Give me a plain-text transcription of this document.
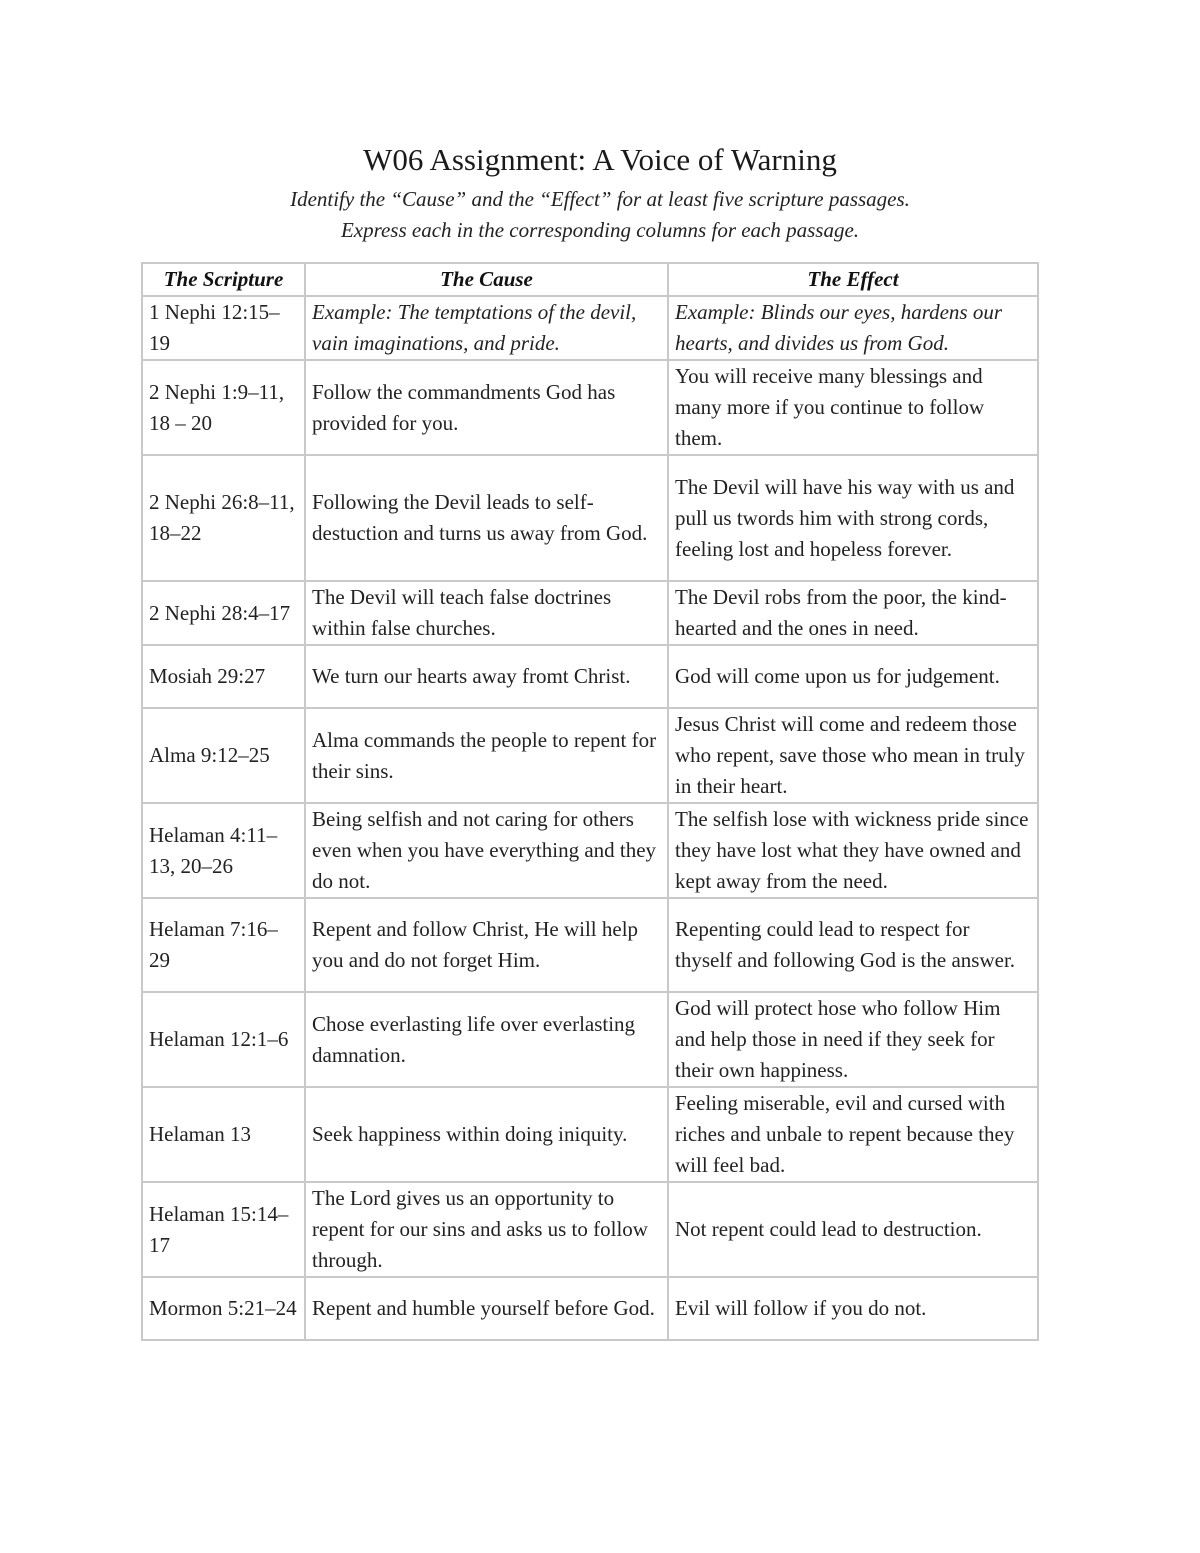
W06 Assignment: A Voice of Warning
Identify the “Cause” and the “Effect” for at least five scripture passages.
Express each in the corresponding columns for each passage.
The Scripture	The Cause	The Effect
1 Nephi 12:15–19	Example: The temptations of the devil, vain imaginations, and pride.	Example: Blinds our eyes, hardens our hearts, and divides us from God.
2 Nephi 1:9–11, 18 – 20	Follow the commandments God has provided for you.	You will receive many blessings and many more if you continue to follow them.
2 Nephi 26:8–11, 18–22	Following the Devil leads to self-destuction and turns us away from God.	The Devil will have his way with us and pull us twords him with strong cords, feeling lost and hopeless forever.
2 Nephi 28:4–17	The Devil will teach false doctrines within false churches.	The Devil robs from the poor, the kind-hearted and the ones in need.
Mosiah 29:27	We turn our hearts away fromt Christ.	God will come upon us for judgement.
Alma 9:12–25	Alma commands the people to repent for their sins.	Jesus Christ will come and redeem those who repent, save those who mean in truly in their heart.
Helaman 4:11–13, 20–26	Being selfish and not caring for others even when you have everything and they do not.	The selfish lose with wickness pride since they have lost what they have owned and kept away from the need.
Helaman 7:16–29	Repent and follow Christ, He will help you and do not forget Him.	Repenting could lead to respect for thyself and following God is the answer.
Helaman 12:1–6	Chose everlasting life over everlasting damnation.	God will protect hose who follow Him and help those in need if they seek for their own happiness.
Helaman 13	Seek happiness within doing iniquity.	Feeling miserable, evil and cursed with riches and unbale to repent because they will feel bad.
Helaman 15:14–17	The Lord gives us an opportunity to repent for our sins and asks us to follow through.	Not repent could lead to destruction.
Mormon 5:21–24	Repent and humble yourself before God.	Evil will follow if you do not.
